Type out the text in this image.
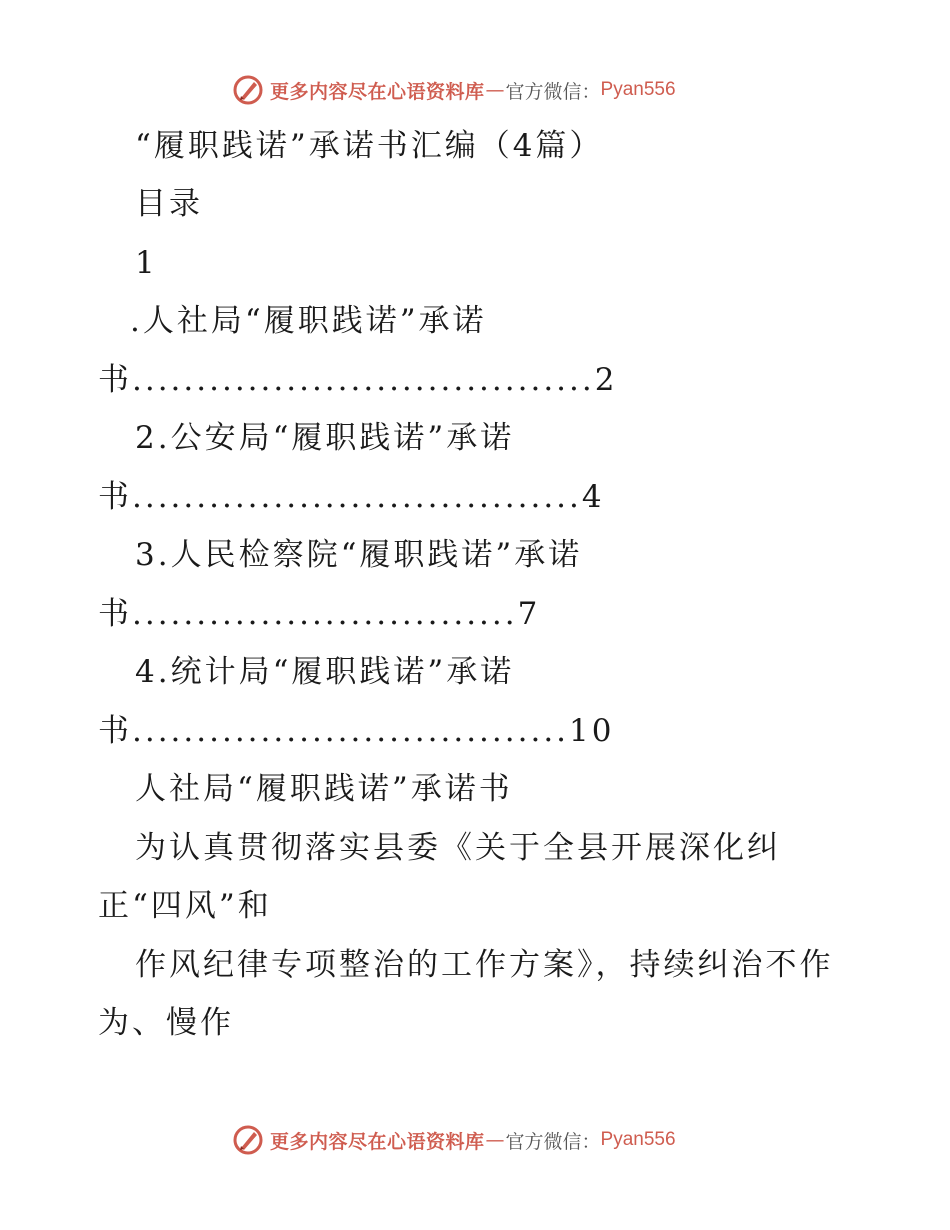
更多内容尽在心语资料库 — 官方微信： Pyan556
“履职践诺”承诺书汇编（4篇）
目录
1
.人社局“履职践诺”承诺
书....................................2
2.公安局“履职践诺”承诺
书...................................4
3.人民检察院“履职践诺”承诺
书..............................7
4.统计局“履职践诺”承诺
书..................................10
人社局“履职践诺”承诺书
为认真贯彻落实县委《关于全县开展深化纠
正“四风”和
作风纪律专项整治的工作方案》，持续纠治不作
为、慢作
更多内容尽在心语资料库 — 官方微信： Pyan556
